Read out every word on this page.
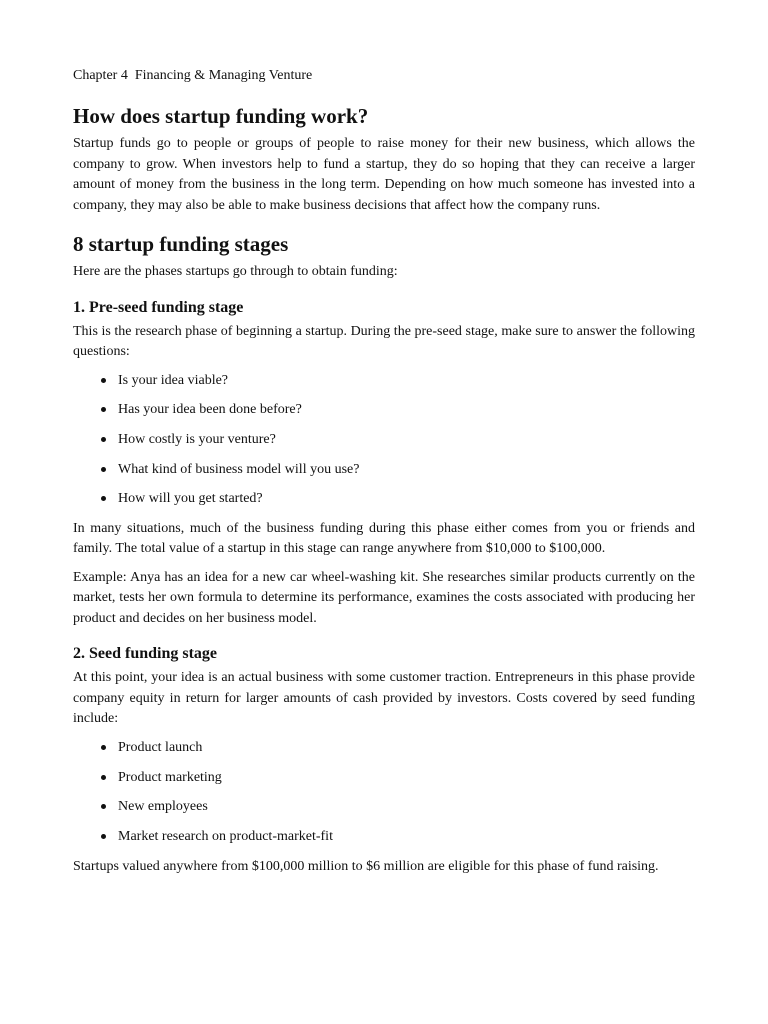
Chapter 4  Financing & Managing Venture
How does startup funding work?

Startup funds go to people or groups of people to raise money for their new business, which allows the company to grow. When investors help to fund a startup, they do so hoping that they can receive a larger amount of money from the business in the long term. Depending on how much someone has invested into a company, they may also be able to make business decisions that affect how the company runs.

8 startup funding stages

Here are the phases startups go through to obtain funding:

1. Pre-seed funding stage

This is the research phase of beginning a startup. During the pre-seed stage, make sure to answer the following questions:

Is your idea viable?
Has your idea been done before?
How costly is your venture?
What kind of business model will you use?
How will you get started?

In many situations, much of the business funding during this phase either comes from you or friends and family. The total value of a startup in this stage can range anywhere from $10,000 to $100,000.

Example: Anya has an idea for a new car wheel-washing kit. She researches similar products currently on the market, tests her own formula to determine its performance, examines the costs associated with producing her product and decides on her business model.

2. Seed funding stage

At this point, your idea is an actual business with some customer traction. Entrepreneurs in this phase provide company equity in return for larger amounts of cash provided by investors. Costs covered by seed funding include:

Product launch
Product marketing
New employees
Market research on product-market-fit

Startups valued anywhere from $100,000 million to $6 million are eligible for this phase of fund raising.
